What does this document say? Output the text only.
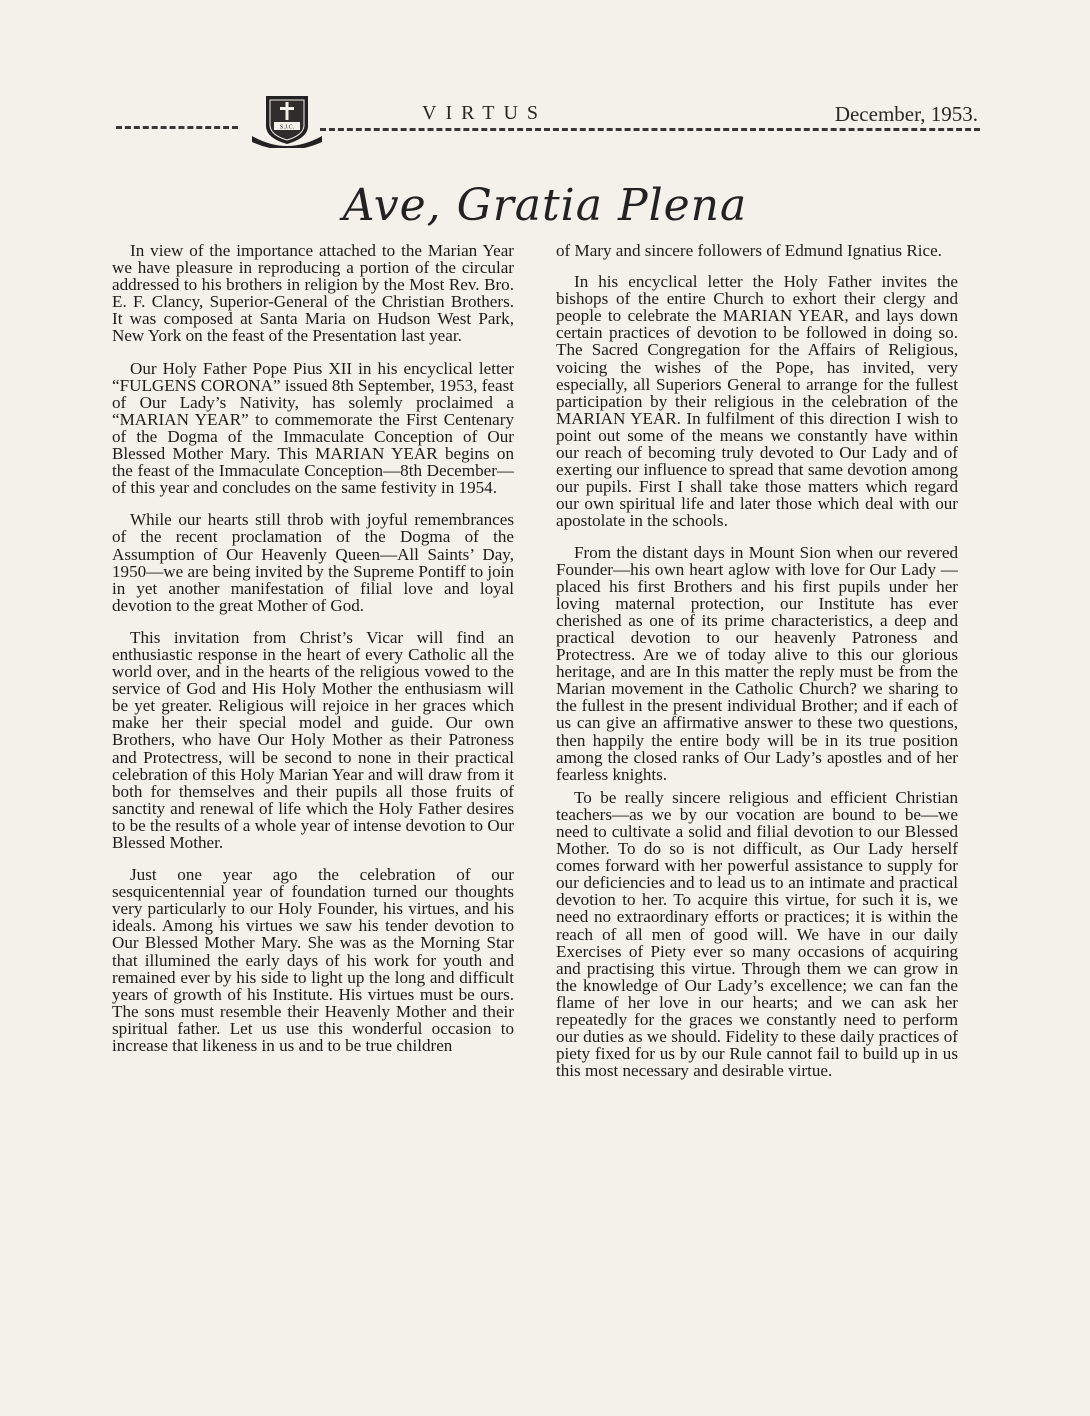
S.J.C.
VIRTUS	December, 1953.
Ave, Gratia Plena

In view of the importance attached to the Marian Year we have pleasure in reproducing a portion of the circular addressed to his brothers in religion by the Most Rev. Bro. E. F. Clancy, Superior-General of the Christian Brothers. It was composed at Santa Maria on Hudson West Park, New York on the feast of the Presentation last year.

Our Holy Father Pope Pius XII in his encyclical letter “FULGENS CORONA” issued 8th September, 1953, feast of Our Lady’s Nativity, has solemly proclaimed a “MARIAN YEAR” to commemorate the First Centenary of the Dogma of the Immaculate Conception of Our Blessed Mother Mary. This MARIAN YEAR begins on the feast of the Immaculate Conception—8th December—of this year and concludes on the same festivity in 1954.

While our hearts still throb with joyful remembrances of the recent proclamation of the Dogma of the Assumption of Our Heavenly Queen—All Saints’ Day, 1950—we are being invited by the Supreme Pontiff to join in yet another manifestation of filial love and loyal devotion to the great Mother of God.

This invitation from Christ’s Vicar will find an enthusiastic response in the heart of every Catholic all the world over, and in the hearts of the religious vowed to the service of God and His Holy Mother the enthusiasm will be yet greater. Religious will rejoice in her graces which make her their special model and guide. Our own Brothers, who have Our Holy Mother as their Patroness and Protectress, will be second to none in their practical celebration of this Holy Marian Year and will draw from it both for themselves and their pupils all those fruits of sanctity and renewal of life which the Holy Father desires to be the results of a whole year of intense devotion to Our Blessed Mother.

Just one year ago the celebration of our sesquicentennial year of foundation turned our thoughts very particularly to our Holy Founder, his virtues, and his ideals. Among his virtues we saw his tender devotion to Our Blessed Mother Mary. She was as the Morning Star that illumined the early days of his work for youth and remained ever by his side to light up the long and difficult years of growth of his Institute. His virtues must be ours. The sons must resemble their Heavenly Mother and their spiritual father. Let us use this wonderful occasion to increase that likeness in us and to be true children

of Mary and sincere followers of Edmund Ignatius Rice.

In his encyclical letter the Holy Father invites the bishops of the entire Church to exhort their clergy and people to celebrate the MARIAN YEAR, and lays down certain practices of devotion to be followed in doing so. The Sacred Congregation for the Affairs of Religious, voicing the wishes of the Pope, has invited, very especially, all Superiors General to arrange for the fullest participation by their religious in the celebration of the MARIAN YEAR. In fulfilment of this direction I wish to point out some of the means we constantly have within our reach of becoming truly devoted to Our Lady and of exerting our influence to spread that same devotion among our pupils. First I shall take those matters which regard our own spiritual life and later those which deal with our apostolate in the schools.

From the distant days in Mount Sion when our revered Founder—his own heart aglow with love for Our Lady — placed his first Brothers and his first pupils under her loving maternal protection, our Institute has ever cherished as one of its prime characteristics, a deep and practical devotion to our heavenly Patroness and Protectress. Are we of today alive to this our glorious heritage, and are In this matter the reply must be from the Marian movement in the Catholic Church? we sharing to the fullest in the present individual Brother; and if each of us can give an affirmative answer to these two questions, then happily the entire body will be in its true position among the closed ranks of Our Lady’s apostles and of her fearless knights.

To be really sincere religious and efficient Christian teachers—as we by our vocation are bound to be—we need to cultivate a solid and filial devotion to our Blessed Mother. To do so is not difficult, as Our Lady herself comes forward with her powerful assistance to supply for our deficiencies and to lead us to an intimate and practical devotion to her. To acquire this virtue, for such it is, we need no extraordinary efforts or practices; it is within the reach of all men of good will. We have in our daily Exercises of Piety ever so many occasions of acquiring and practising this virtue. Through them we can grow in the knowledge of Our Lady’s excellence; we can fan the flame of her love in our hearts; and we can ask her repeatedly for the graces we constantly need to perform our duties as we should. Fidelity to these daily practices of piety fixed for us by our Rule cannot fail to build up in us this most necessary and desirable virtue.
